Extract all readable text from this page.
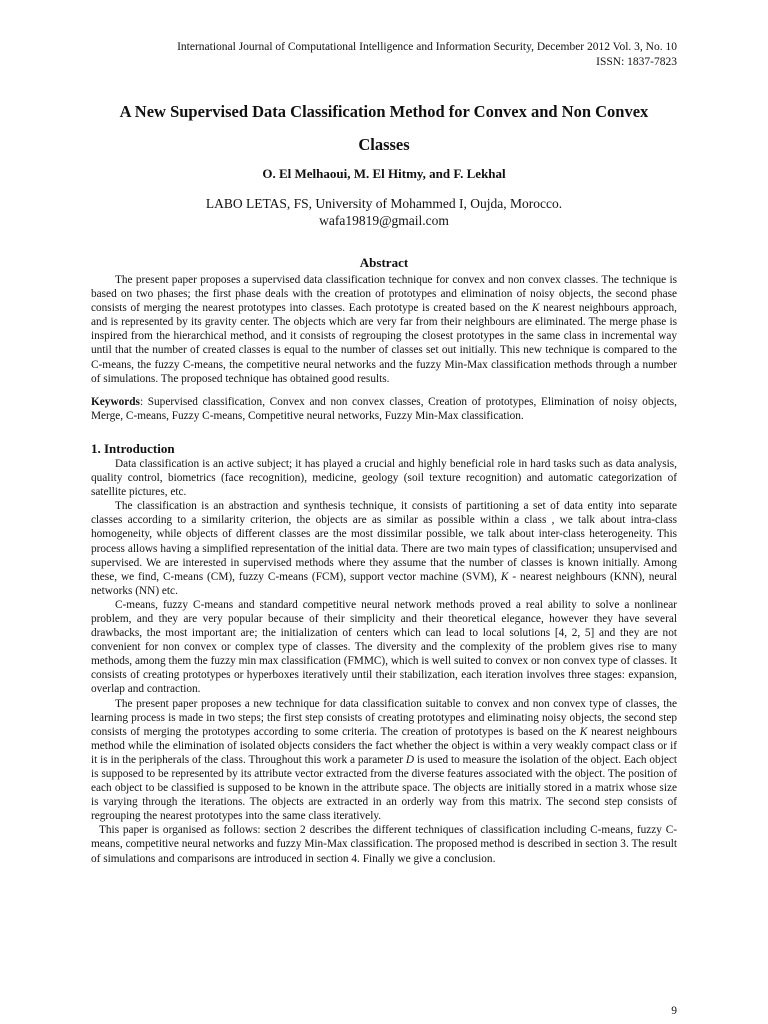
International Journal of Computational Intelligence and Information Security, December 2012 Vol. 3, No. 10
ISSN: 1837-7823
A New Supervised Data Classification Method for Convex and Non Convex
Classes
O. El Melhaoui, M. El Hitmy, and F. Lekhal
LABO LETAS, FS, University of Mohammed I, Oujda, Morocco.
wafa19819@gmail.com
Abstract

The present paper proposes a supervised data classification technique for convex and non convex classes. The technique is based on two phases; the first phase deals with the creation of prototypes and elimination of noisy objects, the second phase consists of merging the nearest prototypes into classes. Each prototype is created based on the K nearest neighbours approach, and is represented by its gravity center. The objects which are very far from their neighbours are eliminated. The merge phase is inspired from the hierarchical method, and it consists of regrouping the closest prototypes in the same class in incremental way until that the number of created classes is equal to the number of classes set out initially. This new technique is compared to the C-means, the fuzzy C-means, the competitive neural networks and the fuzzy Min-Max classification methods through a number of simulations. The proposed technique has obtained good results.

Keywords: Supervised classification, Convex and non convex classes, Creation of prototypes, Elimination of noisy objects, Merge, C-means, Fuzzy C-means, Competitive neural networks, Fuzzy Min-Max classification.

1. Introduction

Data classification is an active subject; it has played a crucial and highly beneficial role in hard tasks such as data analysis, quality control, biometrics (face recognition), medicine, geology (soil texture recognition) and automatic categorization of satellite pictures, etc.

The classification is an abstraction and synthesis technique, it consists of partitioning a set of data entity into separate classes according to a similarity criterion, the objects are as similar as possible within a class , we talk about intra-class homogeneity, while objects of different classes are the most dissimilar possible, we talk about inter-class heterogeneity. This process allows having a simplified representation of the initial data. There are two main types of classification; unsupervised and supervised. We are interested in supervised methods where they assume that the number of classes is known initially. Among these, we find, C-means (CM), fuzzy C-means (FCM), support vector machine (SVM), K - nearest neighbours (KNN), neural networks (NN) etc.

C-means, fuzzy C-means and standard competitive neural network methods proved a real ability to solve a nonlinear problem, and they are very popular because of their simplicity and their theoretical elegance, however they have several drawbacks, the most important are; the initialization of centers which can lead to local solutions [4, 2, 5] and they are not convenient for non convex or complex type of classes. The diversity and the complexity of the problem gives rise to many methods, among them the fuzzy min max classification (FMMC), which is well suited to convex or non convex type of classes. It consists of creating prototypes or hyperboxes iteratively until their stabilization, each iteration involves three stages: expansion, overlap and contraction.

The present paper proposes a new technique for data classification suitable to convex and non convex type of classes, the learning process is made in two steps; the first step consists of creating prototypes and eliminating noisy objects, the second step consists of merging the prototypes according to some criteria. The creation of prototypes is based on the K nearest neighbours method while the elimination of isolated objects considers the fact whether the object is within a very weakly compact class or if it is in the peripherals of the class. Throughout this work a parameter D is used to measure the isolation of the object. Each object is supposed to be represented by its attribute vector extracted from the diverse features associated with the object. The position of each object to be classified is supposed to be known in the attribute space. The objects are initially stored in a matrix whose size is varying through the iterations. The objects are extracted in an orderly way from this matrix. The second step consists of regrouping the nearest prototypes into the same class iteratively.

This paper is organised as follows: section 2 describes the different techniques of classification including C-means, fuzzy C-means, competitive neural networks and fuzzy Min-Max classification. The proposed method is described in section 3. The result of simulations and comparisons are introduced in section 4. Finally we give a conclusion.

9
